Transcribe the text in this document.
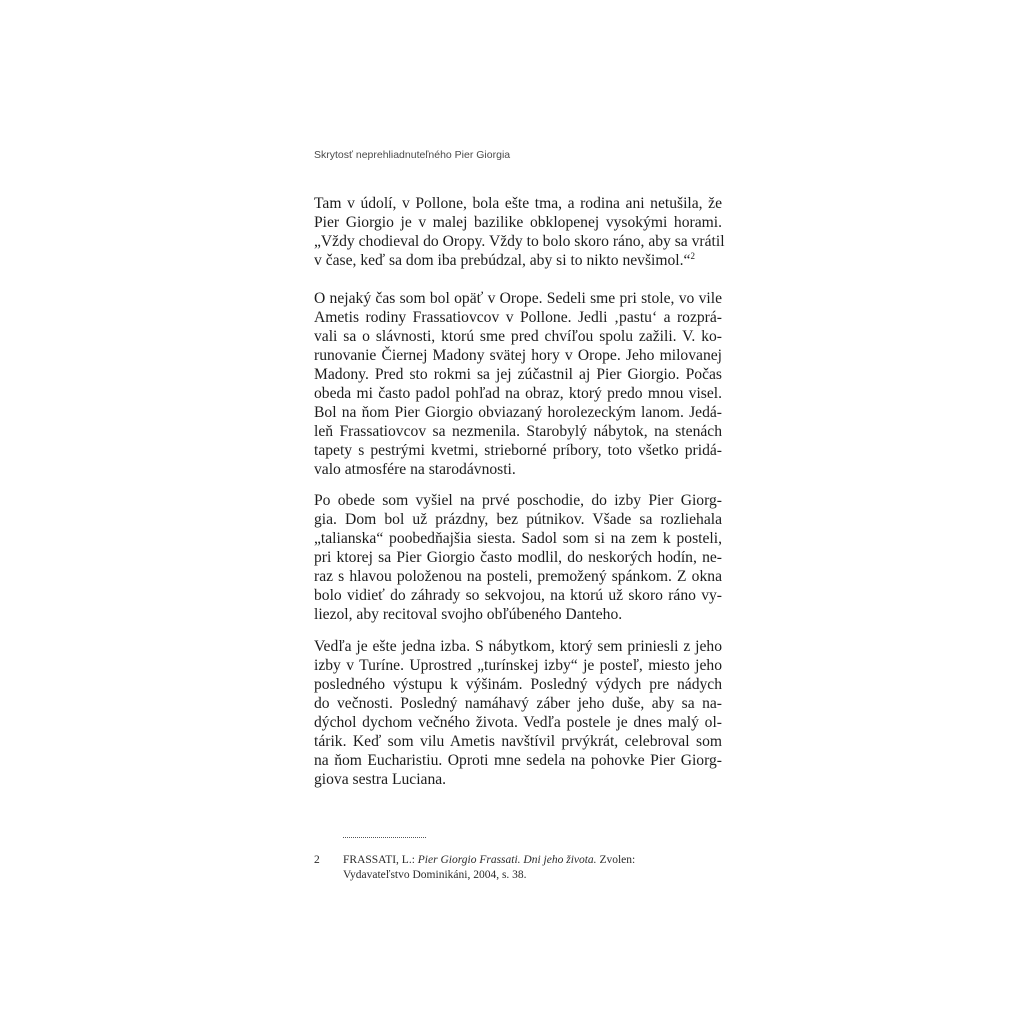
Skrytosť neprehliadnuteľného Pier Giorgia
Tam v údolí, v Pollone, bola ešte tma, a rodina ani netušila, že
Pier Giorgio je v malej bazilike obklopenej vysokými horami.
„Vždy chodieval do Oropy. Vždy to bolo skoro ráno, aby sa vrátil
v čase, keď sa dom iba prebúdzal, aby si to nikto nevšimol.“$^2$
O nejaký čas som bol opäť v Orope. Sedeli sme pri stole, vo vile
Ametis rodiny Frassatiovcov v Pollone. Jedli ‚pastu‘ a rozprá-
vali sa o slávnosti, ktorú sme pred chvíľou spolu zažili. V. ko-
runovanie Čiernej Madony svätej hory v Orope. Jeho milovanej
Madony. Pred sto rokmi sa jej zúčastnil aj Pier Giorgio. Počas
obeda mi často padol pohľad na obraz, ktorý predo mnou visel.
Bol na ňom Pier Giorgio obviazaný horolezeckým lanom. Jedá-
leň Frassatiovcov sa nezmenila. Starobylý nábytok, na stenách
tapety s pestrými kvetmi, strieborné príbory, toto všetko pridá-
valo atmosfére na starodávnosti.
Po obede som vyšiel na prvé poschodie, do izby Pier Giorg-
gia. Dom bol už prázdny, bez pútnikov. Všade sa rozliehala
„talianska“ poobedňajšia siesta. Sadol som si na zem k posteli,
pri ktorej sa Pier Giorgio často modlil, do neskorých hodín, ne-
raz s hlavou položenou na posteli, premožený spánkom. Z okna
bolo vidieť do záhrady so sekvojou, na ktorú už skoro ráno vy-
liezol, aby recitoval svojho obľúbeného Danteho.
Vedľa je ešte jedna izba. S nábytkom, ktorý sem priniesli z jeho
izby v Turíne. Uprostred „turínskej izby“ je posteľ, miesto jeho
posledného výstupu k výšinám. Posledný výdych pre nádych
do večnosti. Posledný namáhavý záber jeho duše, aby sa na-
dýchol dychom večného života. Vedľa postele je dnes malý ol-
tárik. Keď som vilu Ametis navštívil prvýkrát, celebroval som
na ňom Eucharistiu. Oproti mne sedela na pohovke Pier Giorg-
giova sestra Luciana.
2 FRASSATI, L.: Pier Giorgio Frassati. Dni jeho života. Zvolen:
Vydavateľstvo Dominikáni, 2004, s. 38.
